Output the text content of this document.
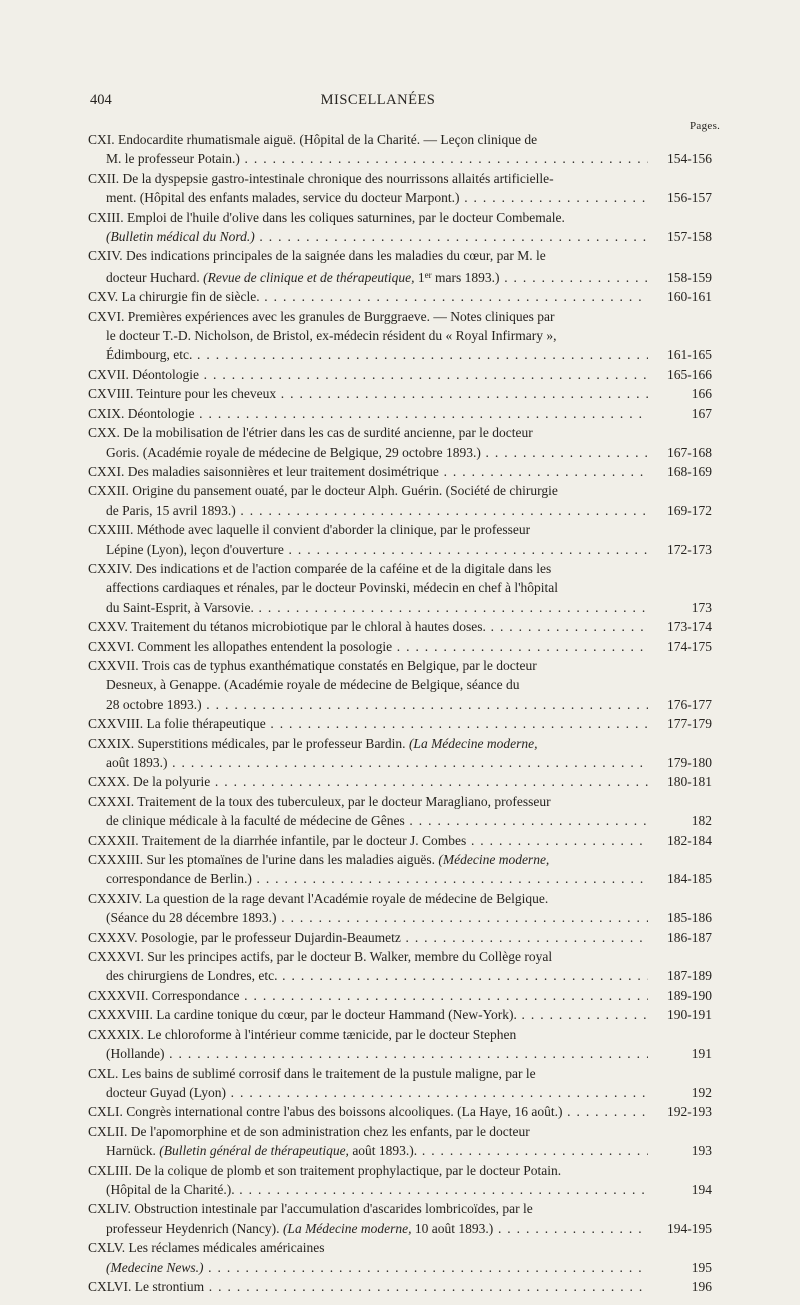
404	MISCELLANÉES
Pages.
CXI. Endocardite rhumatismale aiguë. (Hôpital de la Charité. — Leçon clinique de
M. le professeur Potain.) . . .	154-156
CXII. De la dyspepsie gastro-intestinale chronique des nourrissons allaités artificielle-
ment. (Hôpital des enfants malades, service du docteur Marpont.) . . .	156-157
CXIII. Emploi de l'huile d'olive dans les coliques saturnines, par le docteur Combemale.
(Bulletin médical du Nord.) . . .	157-158
CXIV. Des indications principales de la saignée dans les maladies du cœur, par M. le
docteur Huchard. (Revue de clinique et de thérapeutique, 1er mars 1893.) . . .	158-159
CXV. La chirurgie fin de siècle. . . .	160-161
CXVI. Premières expériences avec les granules de Burggraeve. — Notes cliniques par
le docteur T.-D. Nicholson, de Bristol, ex-médecin résident du « Royal Infirmary »,
Édimbourg, etc. . . .	161-165
CXVII. Déontologie . . .	165-166
CXVIII. Teinture pour les cheveux . . .	166
CXIX. Déontologie . . .	167
CXX. De la mobilisation de l'étrier dans les cas de surdité ancienne, par le docteur
Goris. (Académie royale de médecine de Belgique, 29 octobre 1893.) . . .	167-168
CXXI. Des maladies saisonnières et leur traitement dosimétrique . . .	168-169
CXXII. Origine du pansement ouaté, par le docteur Alph. Guérin. (Société de chirurgie
de Paris, 15 avril 1893.) . . .	169-172
CXXIII. Méthode avec laquelle il convient d'aborder la clinique, par le professeur
Lépine (Lyon), leçon d'ouverture . . .	172-173
CXXIV. Des indications et de l'action comparée de la caféine et de la digitale dans les
affections cardiaques et rénales, par le docteur Povinski, médecin en chef à l'hôpital
du Saint-Esprit, à Varsovie. . . .	173
CXXV. Traitement du tétanos microbiotique par le chloral à hautes doses. . . .	173-174
CXXVI. Comment les allopathes entendent la posologie . . .	174-175
CXXVII. Trois cas de typhus exanthématique constatés en Belgique, par le docteur
Desneux, à Genappe. (Académie royale de médecine de Belgique, séance du
28 octobre 1893.) . . .	176-177
CXXVIII. La folie thérapeutique . . .	177-179
CXXIX. Superstitions médicales, par le professeur Bardin. (La Médecine moderne,
août 1893.) . . .	179-180
CXXX. De la polyurie . . .	180-181
CXXXI. Traitement de la toux des tuberculeux, par le docteur Maragliano, professeur
de clinique médicale à la faculté de médecine de Gênes . . .	182
CXXXII. Traitement de la diarrhée infantile, par le docteur J. Combes . . .	182-184
CXXXIII. Sur les ptomaïnes de l'urine dans les maladies aiguës. (Médecine moderne,
correspondance de Berlin.) . . .	184-185
CXXXIV. La question de la rage devant l'Académie royale de médecine de Belgique.
(Séance du 28 décembre 1893.) . . .	185-186
CXXXV. Posologie, par le professeur Dujardin-Beaumetz . . .	186-187
CXXXVI. Sur les principes actifs, par le docteur B. Walker, membre du Collège royal
des chirurgiens de Londres, etc. . . .	187-189
CXXXVII. Correspondance . . .	189-190
CXXXVIII. La cardine tonique du cœur, par le docteur Hammand (New-York). . . .	190-191
CXXXIX. Le chloroforme à l'intérieur comme tænicide, par le docteur Stephen
(Hollande) . . .	191
CXL. Les bains de sublimé corrosif dans le traitement de la pustule maligne, par le
docteur Guyad (Lyon) . . .	192
CXLI. Congrès international contre l'abus des boissons alcooliques. (La Haye, 16 août.) . . .	192-193
CXLII. De l'apomorphine et de son administration chez les enfants, par le docteur
Harnück. (Bulletin général de thérapeutique, août 1893.). . . .	193
CXLIII. De la colique de plomb et son traitement prophylactique, par le docteur Potain.
(Hôpital de la Charité.). . . .	194
CXLIV. Obstruction intestinale par l'accumulation d'ascarides lombricoïdes, par le
professeur Heydenrich (Nancy). (La Médecine moderne, 10 août 1893.) . . .	194-195
CXLV. Les réclames médicales américaines
(Medecine News.) . . .	195
CXLVI. Le strontium . . .	196
